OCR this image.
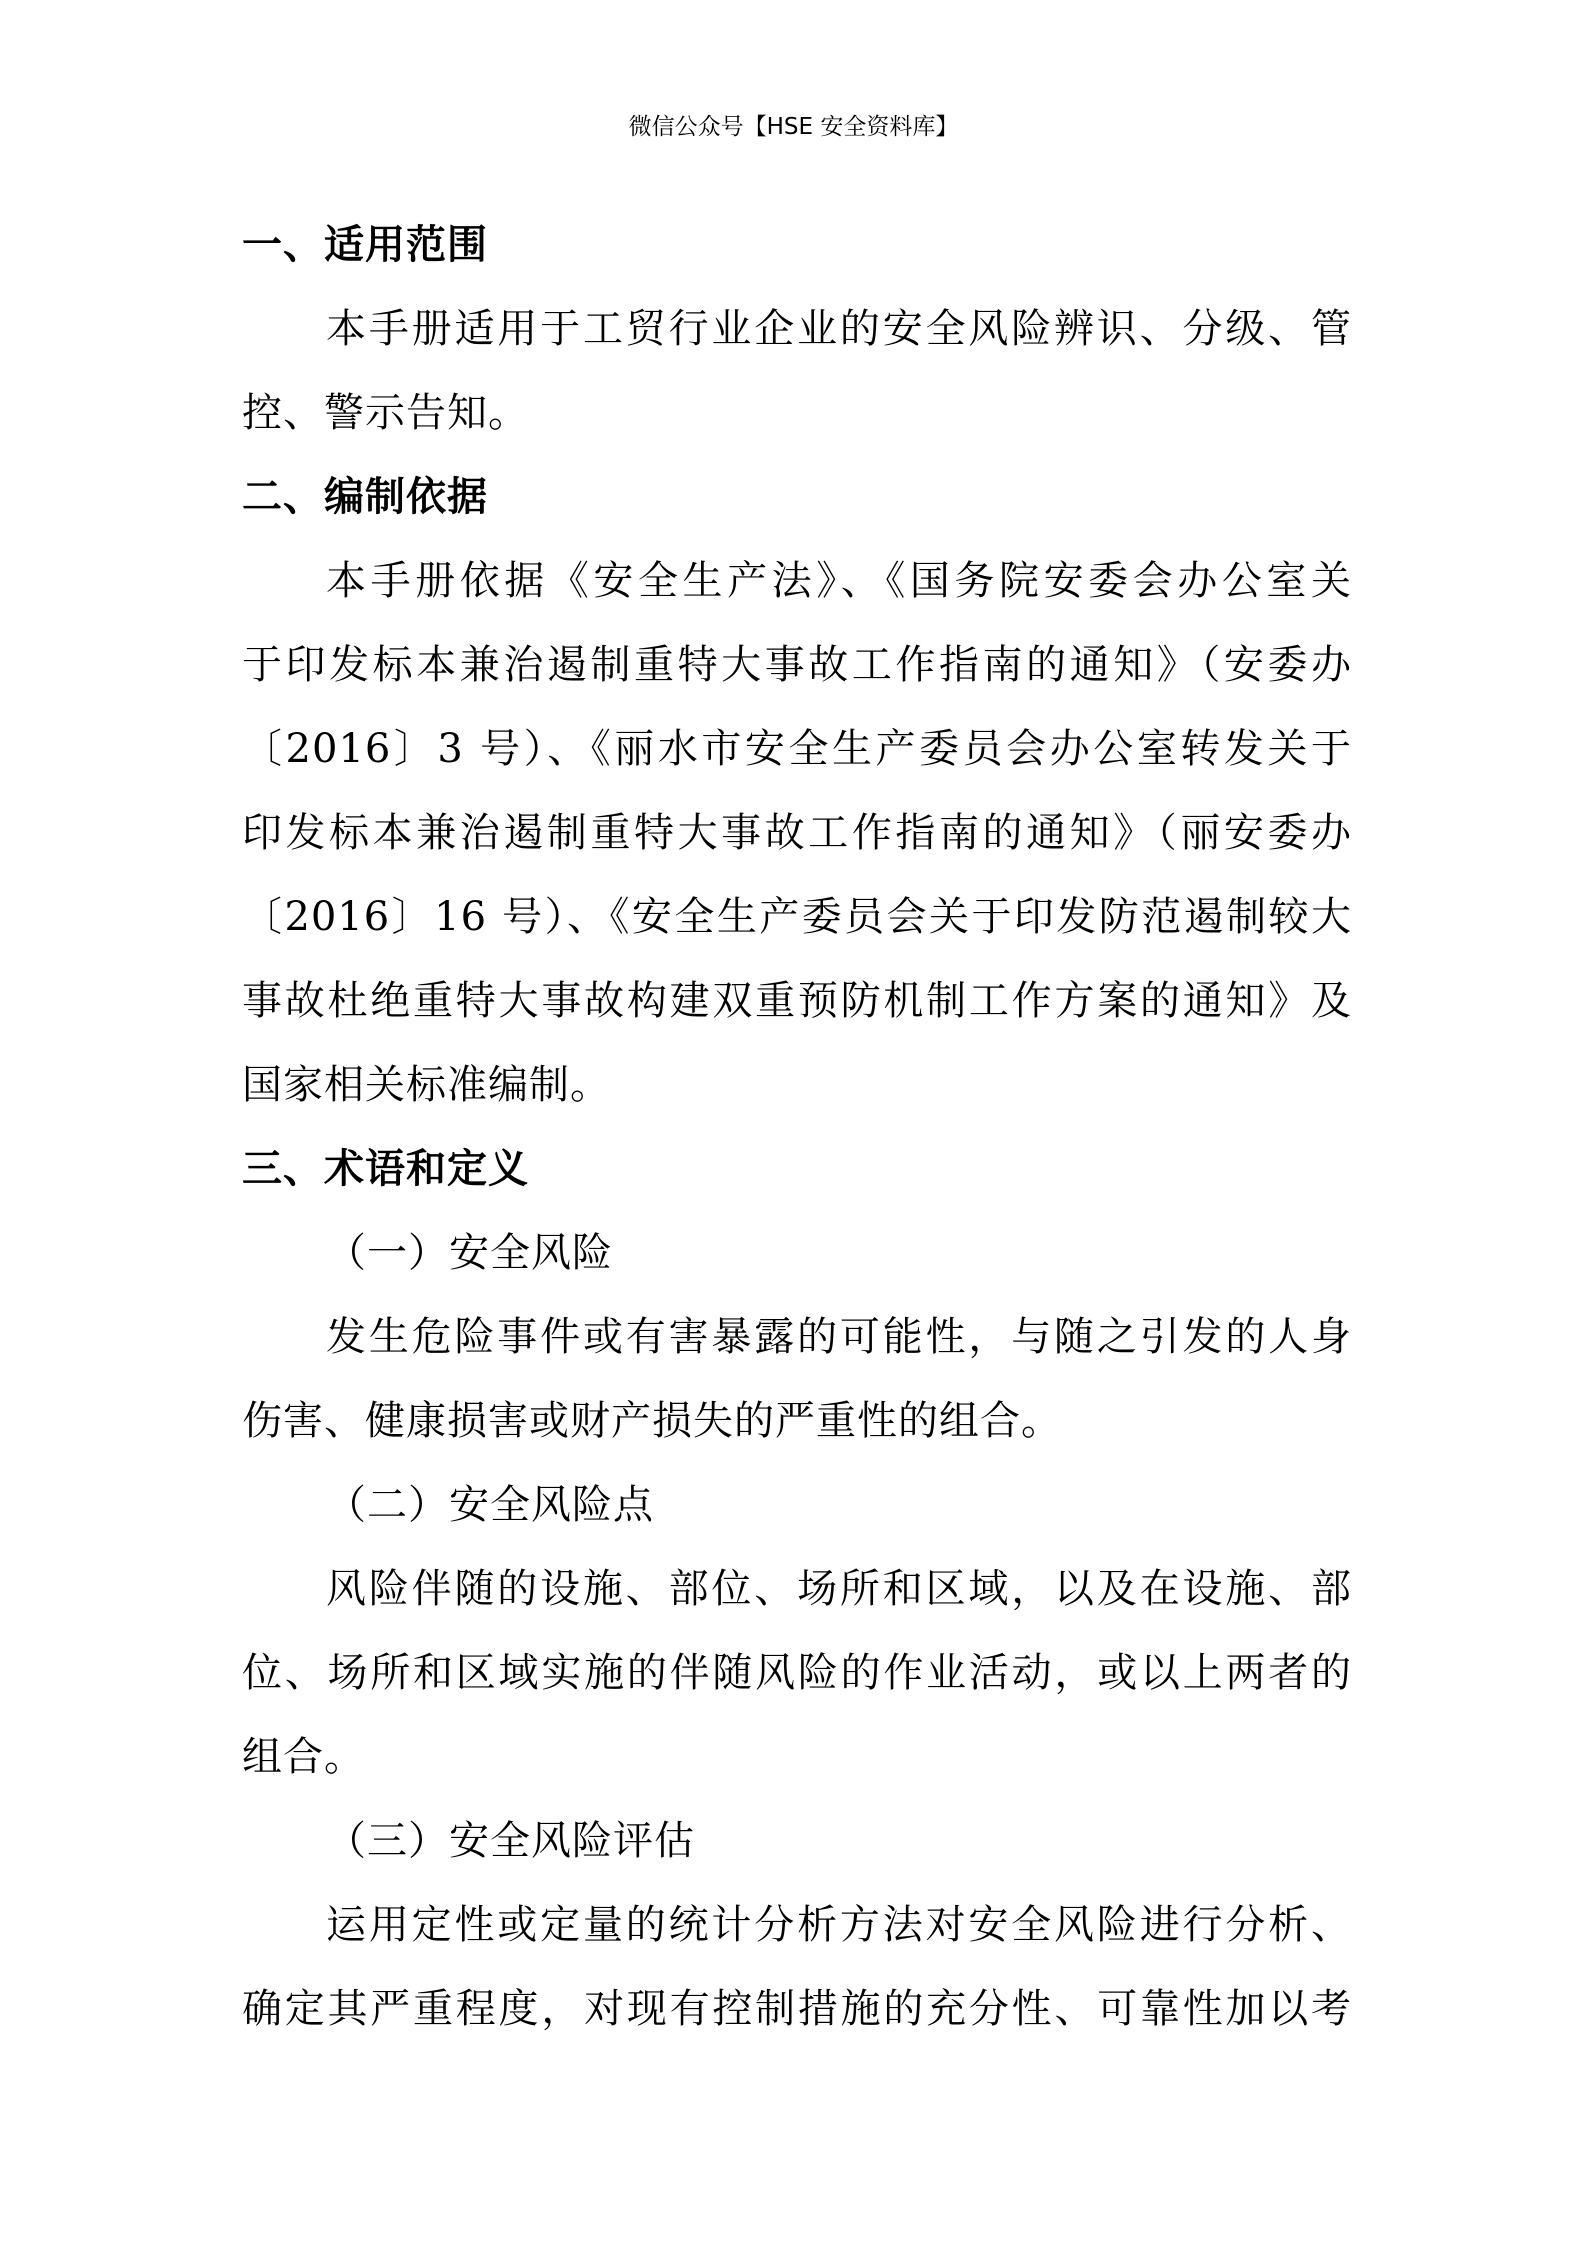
微信公众号【HSE 安全资料库】
一、适用范围
本手册适用于工贸行业企业的安全风险辨识、分级、管
控、警示告知。
二、编制依据
本手册依据《安全生产法》、《国务院安委会办公室关
于印发标本兼治遏制重特大事故工作指南的通知》（安委办
〔2016〕3 号）、《丽水市安全生产委员会办公室转发关于
印发标本兼治遏制重特大事故工作指南的通知》（丽安委办
〔2016〕16 号）、《安全生产委员会关于印发防范遏制较大
事故杜绝重特大事故构建双重预防机制工作方案的通知》及
国家相关标准编制。
三、术语和定义
（一）安全风险
发生危险事件或有害暴露的可能性，与随之引发的人身
伤害、健康损害或财产损失的严重性的组合。
（二）安全风险点
风险伴随的设施、部位、场所和区域，以及在设施、部
位、场所和区域实施的伴随风险的作业活动，或以上两者的
组合。
（三）安全风险评估
运用定性或定量的统计分析方法对安全风险进行分析、
确定其严重程度，对现有控制措施的充分性、可靠性加以考
